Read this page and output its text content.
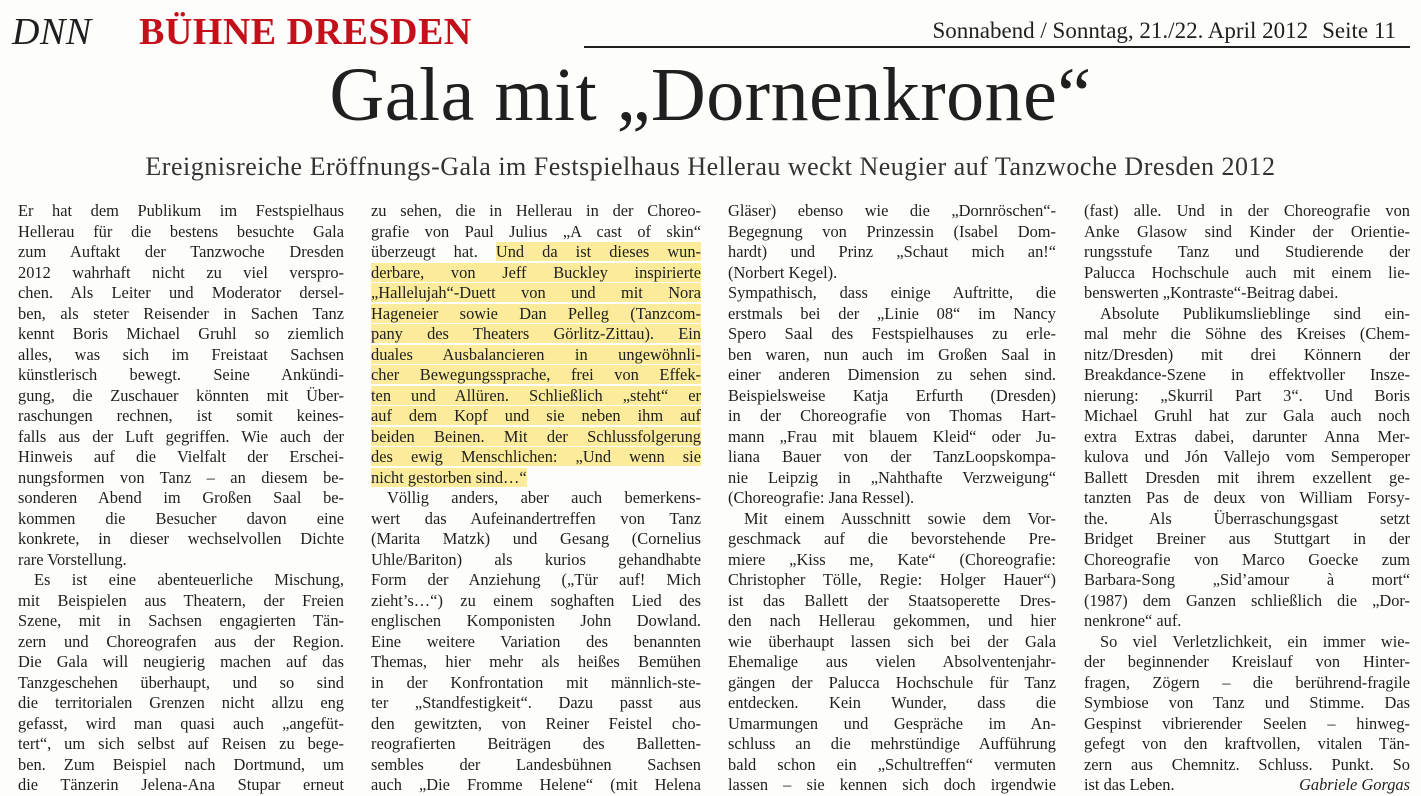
DNN BÜHNE DRESDEN	Sonnabend / Sonntag, 21./22. April 2012 Seite 11
Gala mit „Dornenkrone“
Ereignisreiche Eröffnungs-Gala im Festspielhaus Hellerau weckt Neugier auf Tanzwoche Dresden 2012

Er hat dem Publikum im Festspielhaus

Hellerau für die bestens besuchte Gala

zum Auftakt der Tanzwoche Dresden

2012 wahrhaft nicht zu viel verspro-

chen. Als Leiter und Moderator dersel-

ben, als steter Reisender in Sachen Tanz

kennt Boris Michael Gruhl so ziemlich

alles, was sich im Freistaat Sachsen

künstlerisch bewegt. Seine Ankündi-

gung, die Zuschauer könnten mit Über-

raschungen rechnen, ist somit keines-

falls aus der Luft gegriffen. Wie auch der

Hinweis auf die Vielfalt der Erschei-

nungsformen von Tanz – an diesem be-

sonderen Abend im Großen Saal be-

kommen die Besucher davon eine

konkrete, in dieser wechselvollen Dichte

rare Vorstellung.

Es ist eine abenteuerliche Mischung,

mit Beispielen aus Theatern, der Freien

Szene, mit in Sachsen engagierten Tän-

zern und Choreografen aus der Region.

Die Gala will neugierig machen auf das

Tanzgeschehen überhaupt, und so sind

die territorialen Grenzen nicht allzu eng

gefasst, wird man quasi auch „angefüt-

tert“, um sich selbst auf Reisen zu bege-

ben. Zum Beispiel nach Dortmund, um

die Tänzerin Jelena-Ana Stupar erneut

zu sehen, die in Hellerau in der Choreo-

grafie von Paul Julius „A cast of skin“

überzeugt hat. Und da ist dieses wun-

derbare, von Jeff Buckley inspirierte

„Hallelujah“-Duett von und mit Nora

Hageneier sowie Dan Pelleg (Tanzcom-

pany des Theaters Görlitz-Zittau). Ein

duales Ausbalancieren in ungewöhnli-

cher Bewegungssprache, frei von Effek-

ten und Allüren. Schließlich „steht“ er

auf dem Kopf und sie neben ihm auf

beiden Beinen. Mit der Schlussfolgerung

des ewig Menschlichen: „Und wenn sie

nicht gestorben sind…“

Völlig anders, aber auch bemerkens-

wert das Aufeinandertreffen von Tanz

(Marita Matzk) und Gesang (Cornelius

Uhle/Bariton) als kurios gehandhabte

Form der Anziehung („Tür auf! Mich

zieht’s…“) zu einem soghaften Lied des

englischen Komponisten John Dowland.

Eine weitere Variation des benannten

Themas, hier mehr als heißes Bemühen

in der Konfrontation mit männlich-ste-

ter „Standfestigkeit“. Dazu passt aus

den gewitzten, von Reiner Feistel cho-

reografierten Beiträgen des Balletten-

sembles der Landesbühnen Sachsen

auch „Die Fromme Helene“ (mit Helena

Gläser) ebenso wie die „Dornröschen“-

Begegnung von Prinzessin (Isabel Dom-

hardt) und Prinz „Schaut mich an!“

(Norbert Kegel).

Sympathisch, dass einige Auftritte, die

erstmals bei der „Linie 08“ im Nancy

Spero Saal des Festspielhauses zu erle-

ben waren, nun auch im Großen Saal in

einer anderen Dimension zu sehen sind.

Beispielsweise Katja Erfurth (Dresden)

in der Choreografie von Thomas Hart-

mann „Frau mit blauem Kleid“ oder Ju-

liana Bauer von der TanzLoopskompa-

nie Leipzig in „Nahthafte Verzweigung“

(Choreografie: Jana Ressel).

Mit einem Ausschnitt sowie dem Vor-

geschmack auf die bevorstehende Pre-

miere „Kiss me, Kate“ (Choreografie:

Christopher Tölle, Regie: Holger Hauer“)

ist das Ballett der Staatsoperette Dres-

den nach Hellerau gekommen, und hier

wie überhaupt lassen sich bei der Gala

Ehemalige aus vielen Absolventenjahr-

gängen der Palucca Hochschule für Tanz

entdecken. Kein Wunder, dass die

Umarmungen und Gespräche im An-

schluss an die mehrstündige Aufführung

bald schon ein „Schultreffen“ vermuten

lassen – sie kennen sich doch irgendwie

(fast) alle. Und in der Choreografie von

Anke Glasow sind Kinder der Orientie-

rungsstufe Tanz und Studierende der

Palucca Hochschule auch mit einem lie-

benswerten „Kontraste“-Beitrag dabei.

Absolute Publikumslieblinge sind ein-

mal mehr die Söhne des Kreises (Chem-

nitz/Dresden) mit drei Könnern der

Breakdance-Szene in effektvoller Insze-

nierung: „Skurril Part 3“. Und Boris

Michael Gruhl hat zur Gala auch noch

extra Extras dabei, darunter Anna Mer-

kulova und Jón Vallejo vom Semperoper

Ballett Dresden mit ihrem exzellent ge-

tanzten Pas de deux von William Forsy-

the. Als Überraschungsgast setzt

Bridget Breiner aus Stuttgart in der

Choreografie von Marco Goecke zum

Barbara-Song „Sid’amour à mort“

(1987) dem Ganzen schließlich die „Dor-

nenkrone“ auf.

So viel Verletzlichkeit, ein immer wie-

der beginnender Kreislauf von Hinter-

fragen, Zögern – die berührend-fragile

Symbiose von Tanz und Stimme. Das

Gespinst vibrierender Seelen – hinweg-

gefegt von den kraftvollen, vitalen Tän-

zern aus Chemnitz. Schluss. Punkt. So

ist das Leben.	Gabriele Gorgas
